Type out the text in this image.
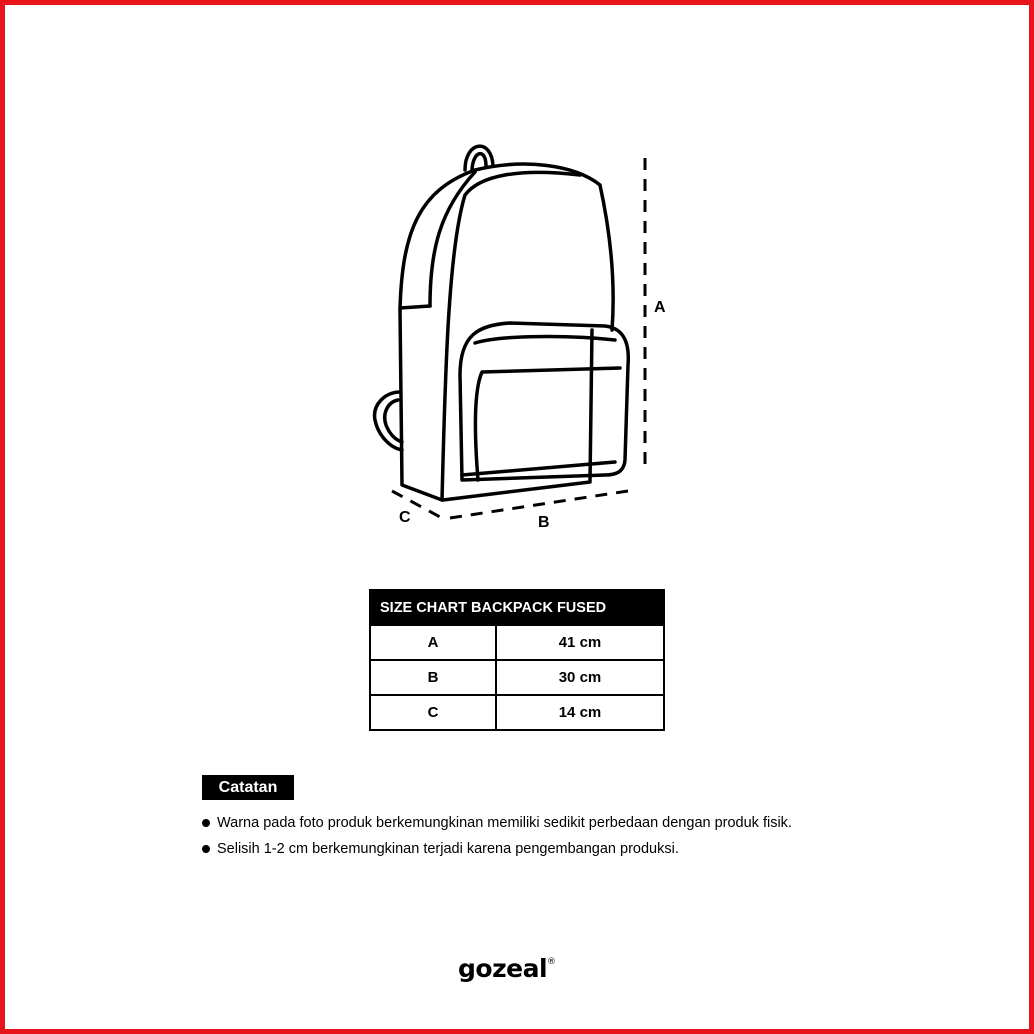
A
B
C
SIZE CHART BACKPACK FUSED	
A	41 cm
B	30 cm
C	14 cm
Catatan
Warna pada foto produk berkemungkinan memiliki sedikit perbedaan dengan produk fisik.
Selisih 1-2 cm berkemungkinan terjadi karena pengembangan produksi.
gozeal®
